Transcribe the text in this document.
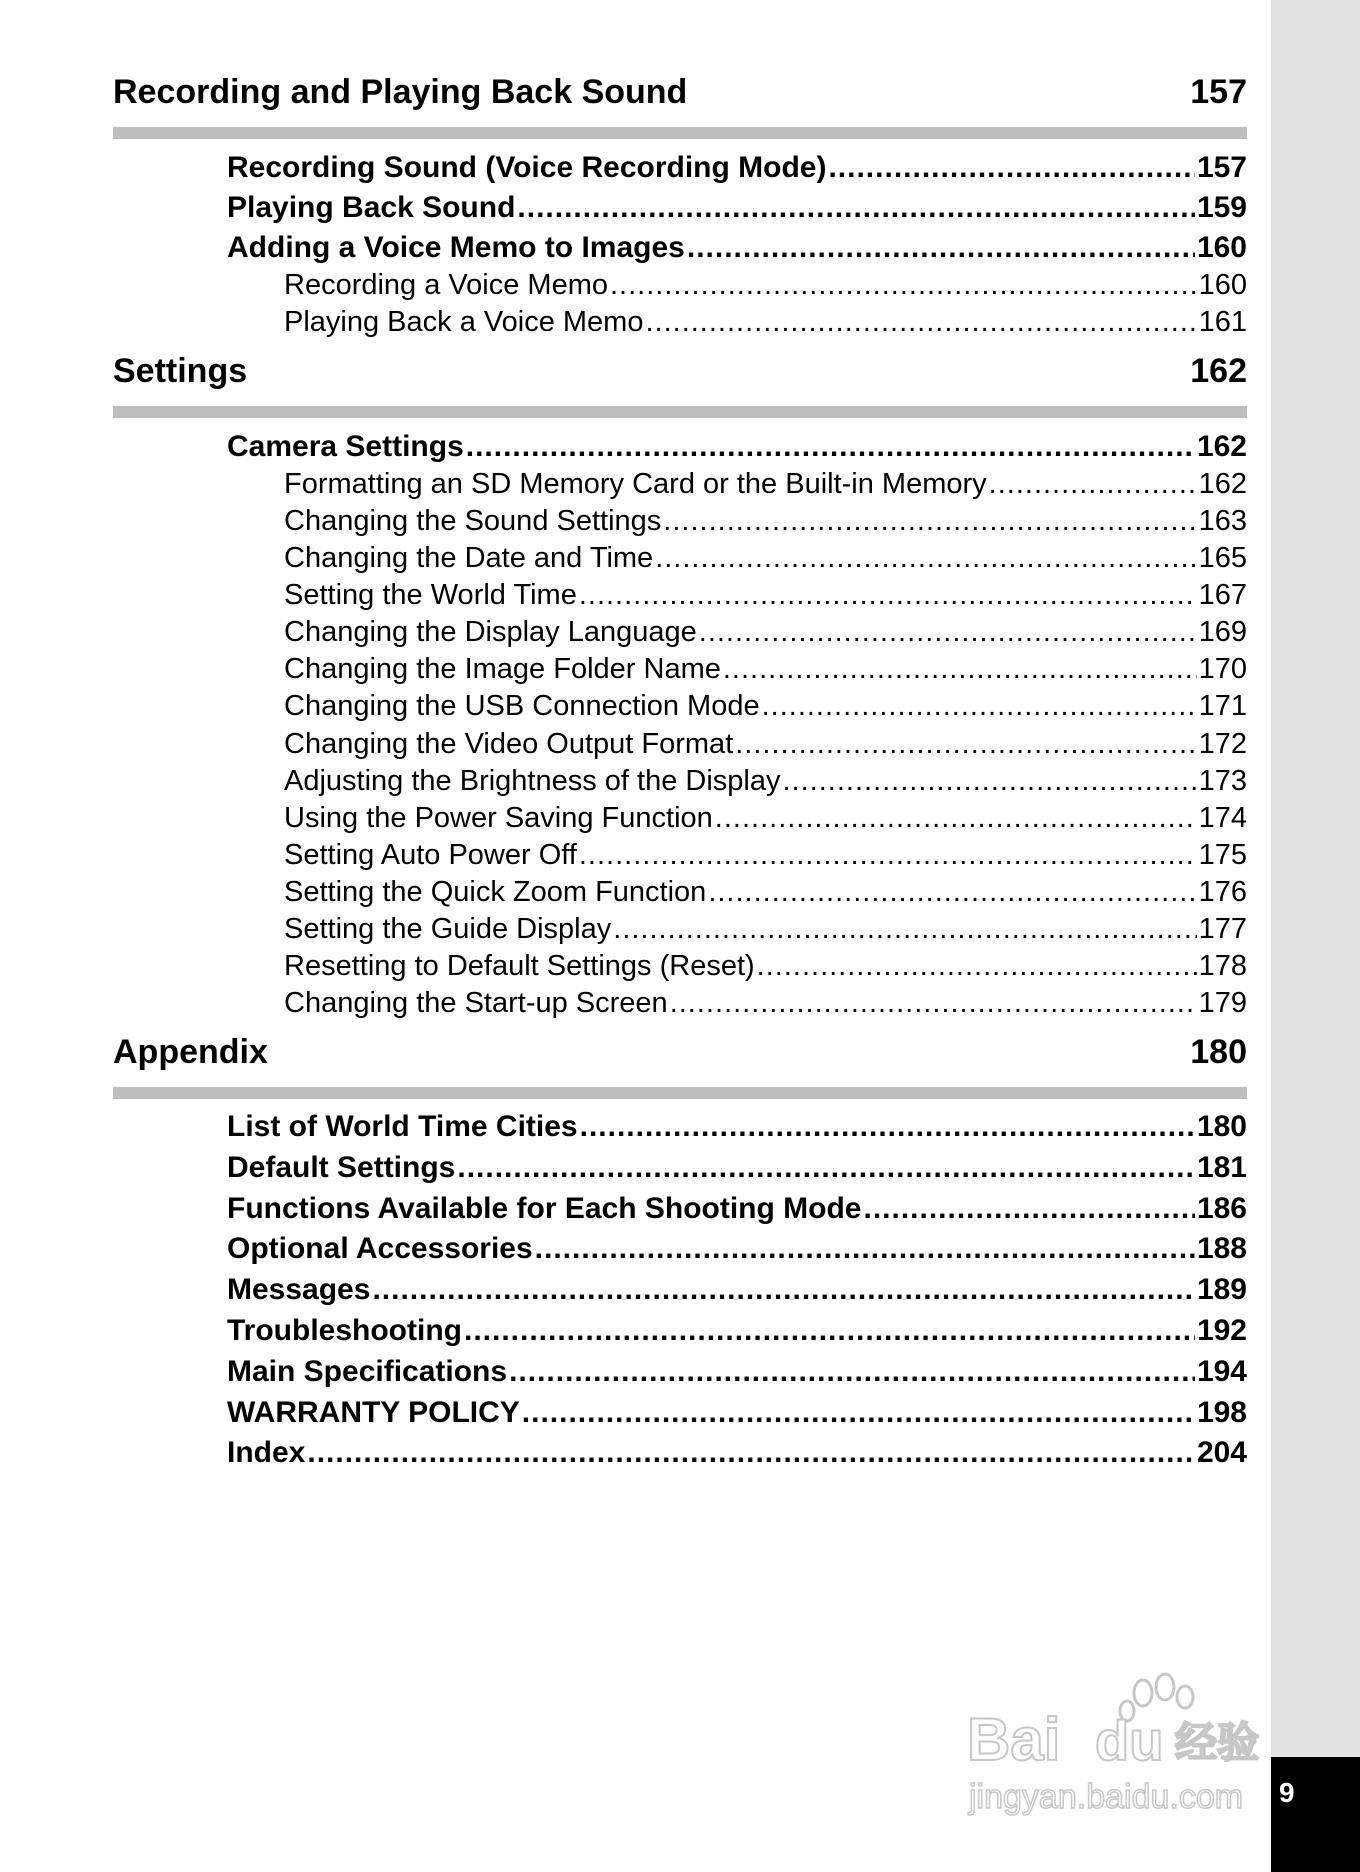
9
Recording and Playing Back Sound	157
Recording Sound (Voice Recording Mode) .....	157
Playing Back Sound .....	159
Adding a Voice Memo to Images .....	160
Recording a Voice Memo .....	160
Playing Back a Voice Memo .....	161
Settings	162
Camera Settings .....	162
Formatting an SD Memory Card or the Built-in Memory .....	162
Changing the Sound Settings .....	163
Changing the Date and Time .....	165
Setting the World Time .....	167
Changing the Display Language .....	169
Changing the Image Folder Name .....	170
Changing the USB Connection Mode .....	171
Changing the Video Output Format .....	172
Adjusting the Brightness of the Display .....	173
Using the Power Saving Function .....	174
Setting Auto Power Off .....	175
Setting the Quick Zoom Function .....	176
Setting the Guide Display .....	177
Resetting to Default Settings (Reset) .....	178
Changing the Start-up Screen .....	179
Appendix	180
List of World Time Cities .....	180
Default Settings .....	181
Functions Available for Each Shooting Mode .....	186
Optional Accessories .....	188
Messages .....	189
Troubleshooting .....	192
Main Specifications .....	194
WARRANTY POLICY .....	198
Index .....	204
Bai du 经验
jingyan.baidu.com
